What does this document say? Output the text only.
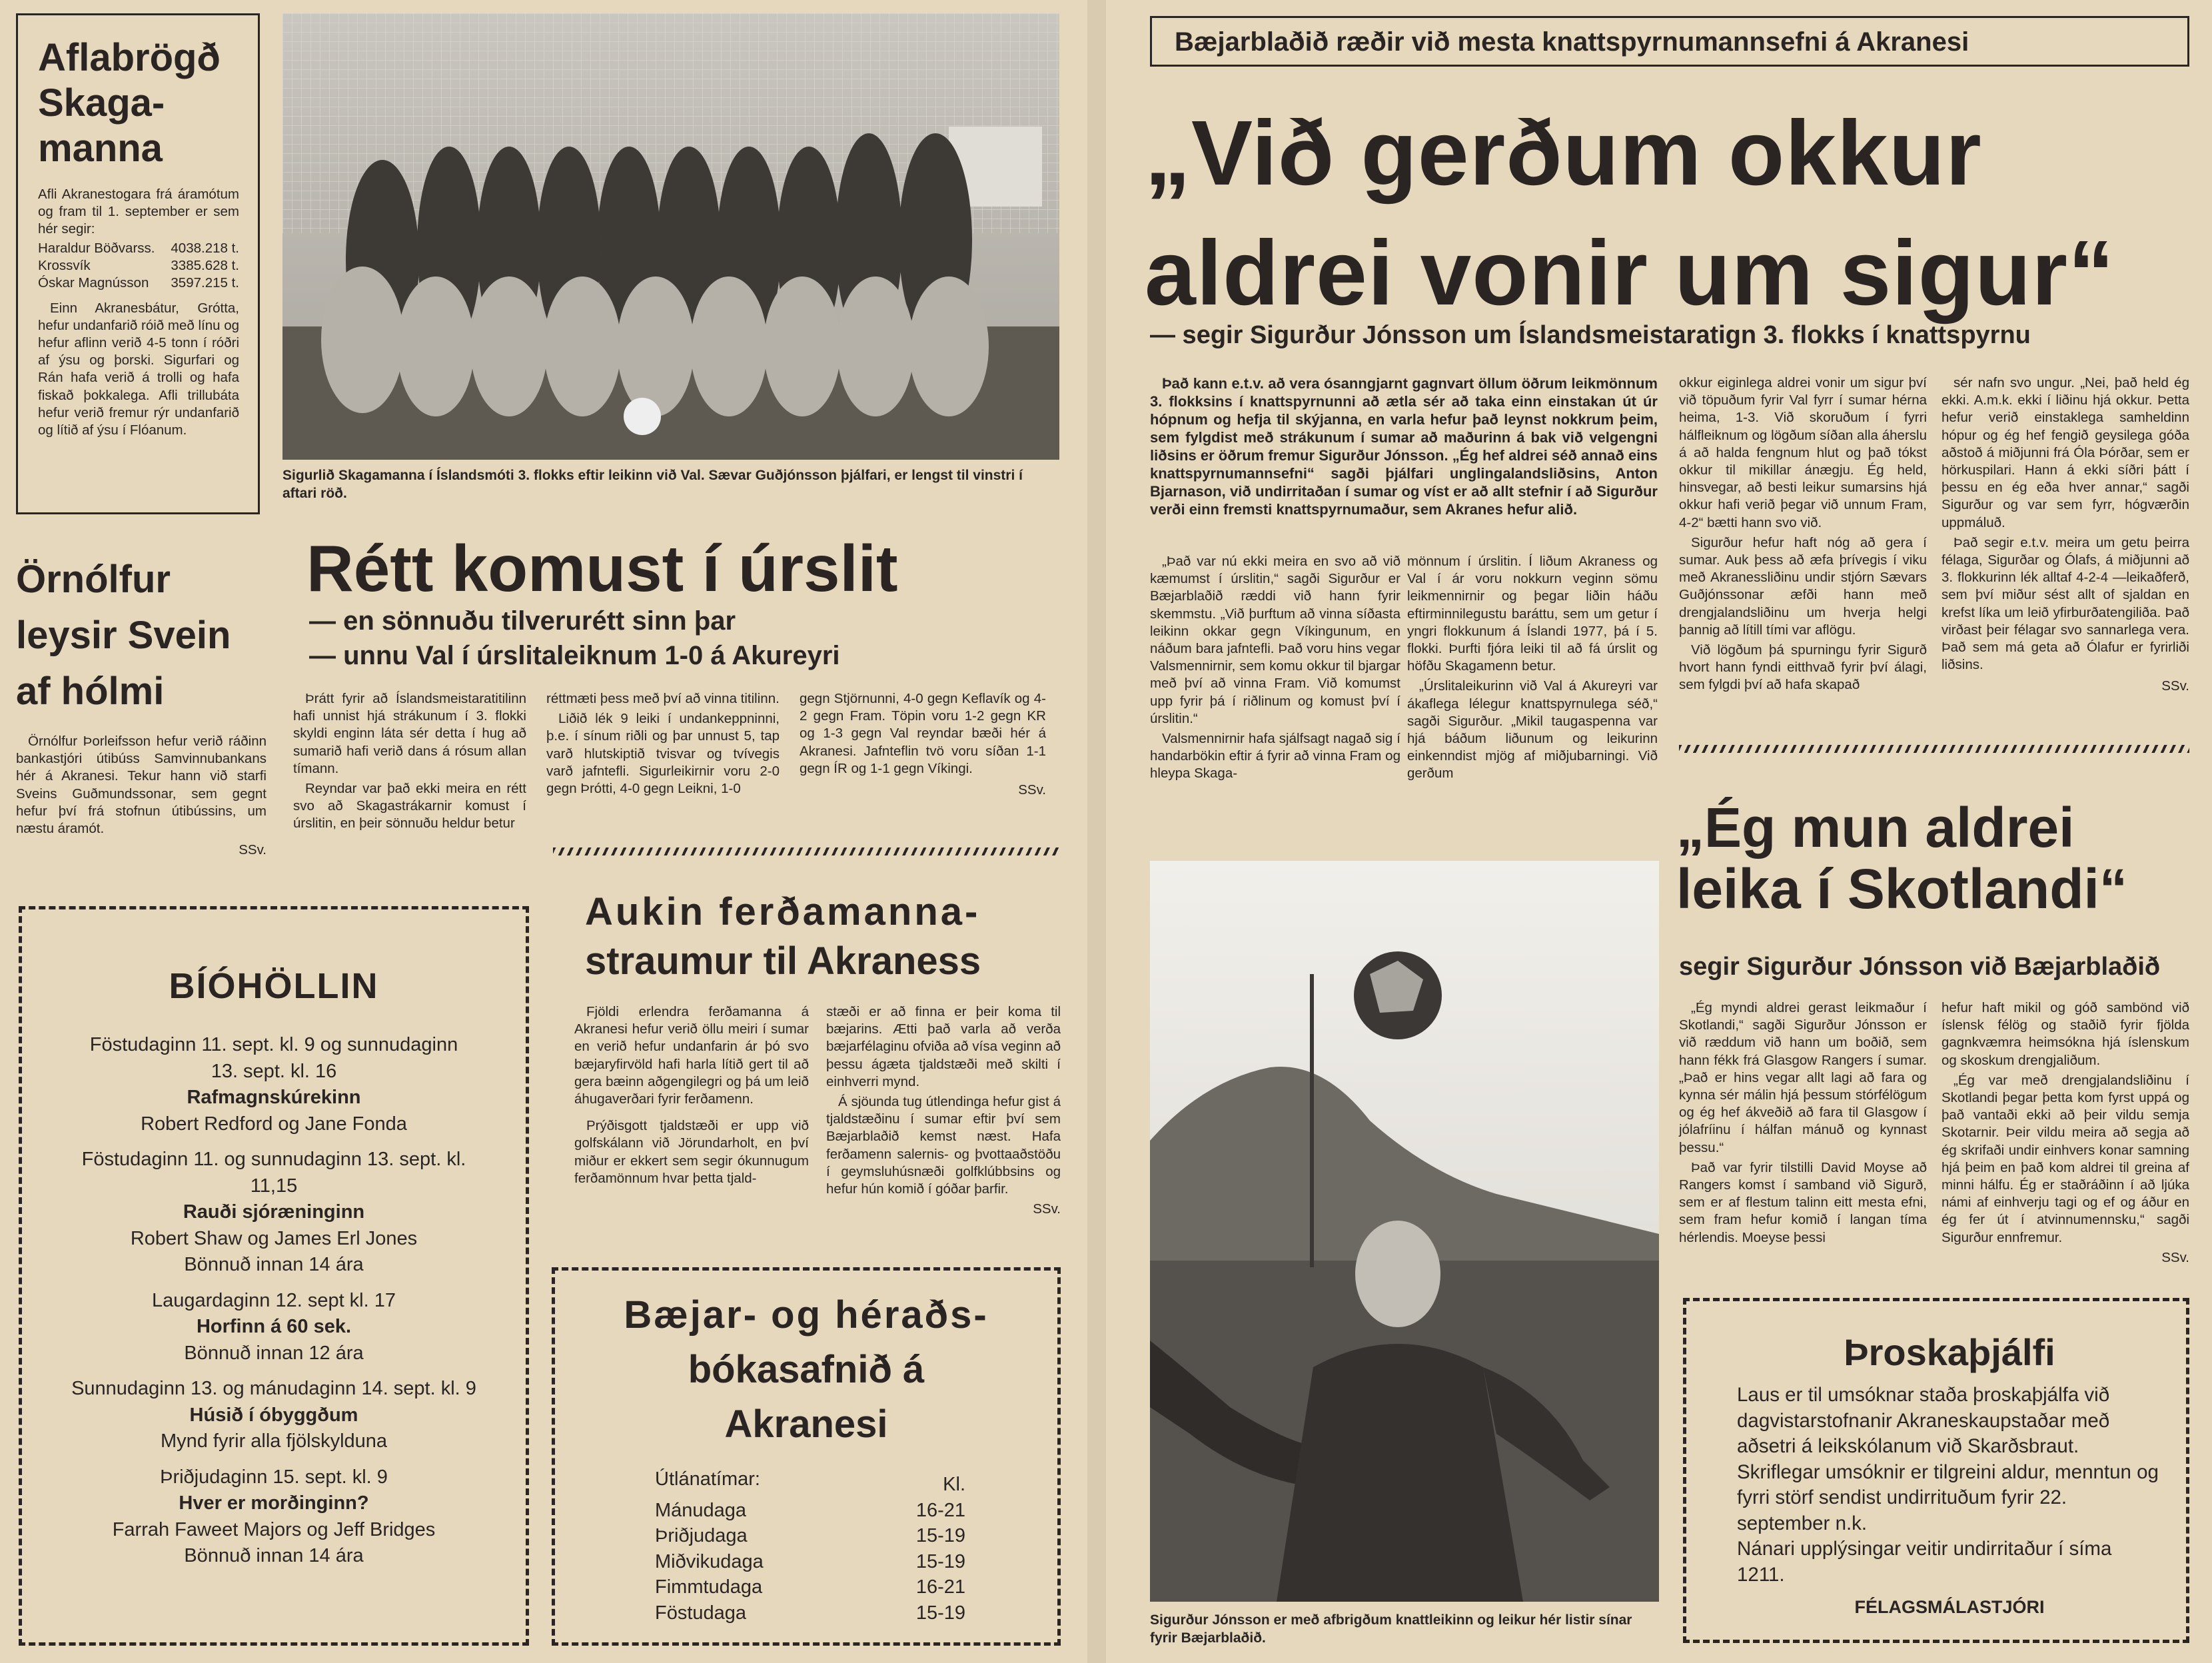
Aflabrögð
Skaga-
manna
Afli Akranestogara frá áramótum og fram til 1. september er sem hér segir:
Haraldur Böðvarss. 4038.218 t.
Krossvík	3385.628 t.
Óskar Magnússon 3597.215 t.

Einn Akranesbátur, Grótta, hefur undanfarið róið með línu og hefur aflinn verið 4-5 tonn í róðri af ýsu og þorski. Sigurfari og Rán hafa verið á trolli og hafa fiskað þokkalega. Afli trillubáta hefur verið fremur rýr undanfarið og lítið af ýsu í Flóanum.

Sigurlið Skagamanna í Íslandsmóti 3. flokks eftir leikinn við Val. Sævar Guðjónsson þjálfari, er lengst til vinstri í aftari röð.
Örnólfur
leysir Svein
af hólmi

Örnólfur Þorleifsson hefur verið ráðinn bankastjóri útibúss Samvinnubankans hér á Akranesi. Tekur hann við starfi Sveins Guðmundssonar, sem gegnt hefur því frá stofnun útibússins, um næstu áramót.

SSv.
Rétt komust í úrslit
— en sönnuðu tilverurétt sinn þar
— unnu Val í úrslitaleiknum 1-0 á Akureyri

Þrátt fyrir að Íslandsmeistaratitilinn hafi unnist hjá strákunum í 3. flokki skyldi enginn láta sér detta í hug að sumarið hafi verið dans á rósum allan tímann.

Reyndar var það ekki meira en rétt svo að Skagastrákarnir komust í úrslitin, en þeir sönnuðu heldur betur

réttmæti þess með því að vinna titilinn.

Liðið lék 9 leiki í undankeppninni, þ.e. í sínum riðli og þar unnust 5, tap varð hlutskiptið tvisvar og tvívegis varð jafntefli. Sigurleikirnir voru 2-0 gegn Þrótti, 4-0 gegn Leikni, 1-0

gegn Stjörnunni, 4-0 gegn Keflavík og 4-2 gegn Fram. Töpin voru 1-2 gegn KR og 1-3 gegn Val reyndar bæði hér á Akranesi. Jafnteflin tvö voru síðan 1-1 gegn ÍR og 1-1 gegn Víkingi.

SSv.
BÍÓHÖLLIN
Föstudaginn 11. sept. kl. 9 og sunnudaginn 13. sept. kl. 16
Rafmagnskúrekinn
Robert Redford og Jane Fonda
Föstudaginn 11. og sunnudaginn 13. sept. kl. 11,15
Rauði sjóræninginn
Robert Shaw og James Erl Jones
Bönnuð innan 14 ára
Laugardaginn 12. sept kl. 17
Horfinn á 60 sek.
Bönnuð innan 12 ára
Sunnudaginn 13. og mánudaginn 14. sept. kl. 9
Húsið í óbyggðum
Mynd fyrir alla fjölskylduna
Þriðjudaginn 15. sept. kl. 9
Hver er morðinginn?
Farrah Faweet Majors og Jeff Bridges
Bönnuð innan 14 ára
Aukin ferðamanna-
straumur til Akraness

Fjöldi erlendra ferðamanna á Akranesi hefur verið öllu meiri í sumar en verið hefur undanfarin ár þó svo bæjaryfirvöld hafi harla lítið gert til að gera bæinn aðgengilegri og þá um leið áhugaverðari fyrir ferðamenn.

Prýðisgott tjaldstæði er upp við golfskálann við Jörundarholt, en því miður er ekkert sem segir ókunnugum ferðamönnum hvar þetta tjald-

stæði er að finna er þeir koma til bæjarins. Ætti það varla að verða bæjarfélaginu ofviða að vísa veginn að þessu ágæta tjaldstæði með skilti í einhverri mynd.

Á sjöunda tug útlendinga hefur gist á tjaldstæðinu í sumar eftir því sem Bæjarblaðið kemst næst. Hafa ferðamenn salernis- og þvottaaðstöðu í geymsluhúsnæði golfklúbbsins og hefur hún komið í góðar þarfir.

SSv.
Bæjar- og héraðs-
bókasafnið á
Akranesi
Útlánatímar:	Kl.
Mánudaga	16-21
Þriðjudaga	15-19
Miðvikudaga	15-19
Fimmtudaga	16-21
Föstudaga	15-19
Bæjarblaðið ræðir við mesta knattspyrnumannsefni á Akranesi
„Við gerðum okkur
aldrei vonir um sigur“
— segir Sigurður Jónsson um Íslandsmeistaratign 3. flokks í knattspyrnu

Það kann e.t.v. að vera ósanngjarnt gagnvart öllum öðrum leikmönnum 3. flokksins í knattspyrnunni að ætla sér að taka einn einstakan út úr hópnum og hefja til skýjanna, en varla hefur það leynst nokkrum þeim, sem fylgdist með strákunum í sumar að maðurinn á bak við velgengni liðsins er öðrum fremur Sigurður Jónsson. „Ég hef aldrei séð annað eins knattspyrnumannsefni“ sagði þjálfari unglingalandsliðsins, Anton Bjarnason, við undirritaðan í sumar og víst er að allt stefnir í að Sigurður verði einn fremsti knattspyrnumaður, sem Akranes hefur alið.

„Það var nú ekki meira en svo að við kæmumst í úrslitin,“ sagði Sigurður er Bæjarblaðið ræddi við hann fyrir skemmstu. „Við þurftum að vinna síðasta leikinn okkar gegn Víkingunum, en náðum bara jafntefli. Það voru hins vegar Valsmennirnir, sem komu okkur til bjargar með því að vinna Fram. Við komumst upp fyrir þá í riðlinum og komust því í úrslitin.“

Valsmennirnir hafa sjálfsagt nagað sig í handarbökin eftir á fyrir að vinna Fram og hleypa Skaga-

mönnum í úrslitin. Í liðum Akraness og Val í ár voru nokkurn veginn sömu leikmennirnir og þegar liðin háðu eftirminnilegustu baráttu, sem um getur í yngri flokkunum á Íslandi 1977, þá í 5. flokki. Þurfti fjóra leiki til að fá úrslit og höfðu Skagamenn betur.

„Úrslitaleikurinn við Val á Akureyri var ákaflega lélegur knattspyrnulega séð,“ sagði Sigurður. „Mikil taugaspenna var hjá báðum liðunum og leikurinn einkenndist mjög af miðjubarningi. Við gerðum

okkur eiginlega aldrei vonir um sigur því við töpuðum fyrir Val fyrr í sumar hérna heima, 1-3. Við skoruðum í fyrri hálfleiknum og lögðum síðan alla áherslu á að halda fengnum hlut og það tókst okkur til mikillar ánægju. Ég held, hinsvegar, að besti leikur sumarsins hjá okkur hafi verið þegar við unnum Fram, 4-2“ bætti hann svo við.

Sigurður hefur haft nóg að gera í sumar. Auk þess að æfa þrívegis í viku með Akranessliðinu undir stjórn Sævars Guðjónssonar æfði hann með drengjalandsliðinu um hverja helgi þannig að lítill tími var aflögu.

Við lögðum þá spurningu fyrir Sigurð hvort hann fyndi eitthvað fyrir því álagi, sem fylgdi því að hafa skapað

sér nafn svo ungur. „Nei, það held ég ekki. A.m.k. ekki í liðinu hjá okkur. Þetta hefur verið einstaklega samheldinn hópur og ég hef fengið geysilega góða aðstoð á miðjunni frá Óla Þórðar, sem er hörkuspilari. Hann á ekki síðri þátt í þessu en ég eða hver annar,“ sagði Sigurður og var sem fyrr, hógværðin uppmáluð.

Það segir e.t.v. meira um getu þeirra félaga, Sigurðar og Ólafs, á miðjunni að 3. flokkurinn lék alltaf 4-2-4 —leikaðferð, sem því miður sést allt of sjaldan en krefst líka um leið yfirburðatengiliða. Það virðast þeir félagar svo sannarlega vera. Það sem má geta að Ólafur er fyrirliði liðsins.

SSv.
Sigurður Jónsson er með afbrigðum knattleikinn og leikur hér listir sínar fyrir Bæjarblaðið.
„Ég mun aldrei
leika í Skotlandi“
segir Sigurður Jónsson við Bæjarblaðið

„Ég myndi aldrei gerast leikmaður í Skotlandi,“ sagði Sigurður Jónsson er við ræddum við hann um boðið, sem hann fékk frá Glasgow Rangers í sumar. „Það er hins vegar allt lagi að fara og kynna sér málin hjá þessum stórfélögum og ég hef ákveðið að fara til Glasgow í jólafríinu í hálfan mánuð og kynnast þessu.“

Það var fyrir tilstilli David Moyse að Rangers komst í samband við Sigurð, sem er af flestum talinn eitt mesta efni, sem fram hefur komið í langan tíma hérlendis. Moeyse þessi

hefur haft mikil og góð sambönd við íslensk félög og staðið fyrir fjölda gagnkvæmra heimsókna hjá íslenskum og skoskum drengjaliðum.

„Ég var með drengjalandsliðinu í Skotlandi þegar þetta kom fyrst uppá og það vantaði ekki að þeir vildu semja Skotarnir. Þeir vildu meira að segja að ég skrifaði undir einhvers konar samning hjá þeim en það kom aldrei til greina af minni hálfu. Ég er staðráðinn í að ljúka námi af einhverju tagi og ef og áður en ég fer út í atvinnumennsku,“ sagði Sigurður ennfremur.

SSv.
Þroskaþjálfi
Laus er til umsóknar staða þroskaþjálfa við dagvistarstofnanir Akraneskaupstaðar með aðsetri á leikskólanum við Skarðsbraut.
Skriflegar umsóknir er tilgreini aldur, menntun og fyrri störf sendist undirrituðum fyrir 22. september n.k.
Nánari upplýsingar veitir undirritaður í síma 1211.
FÉLAGSMÁLASTJÓRI
